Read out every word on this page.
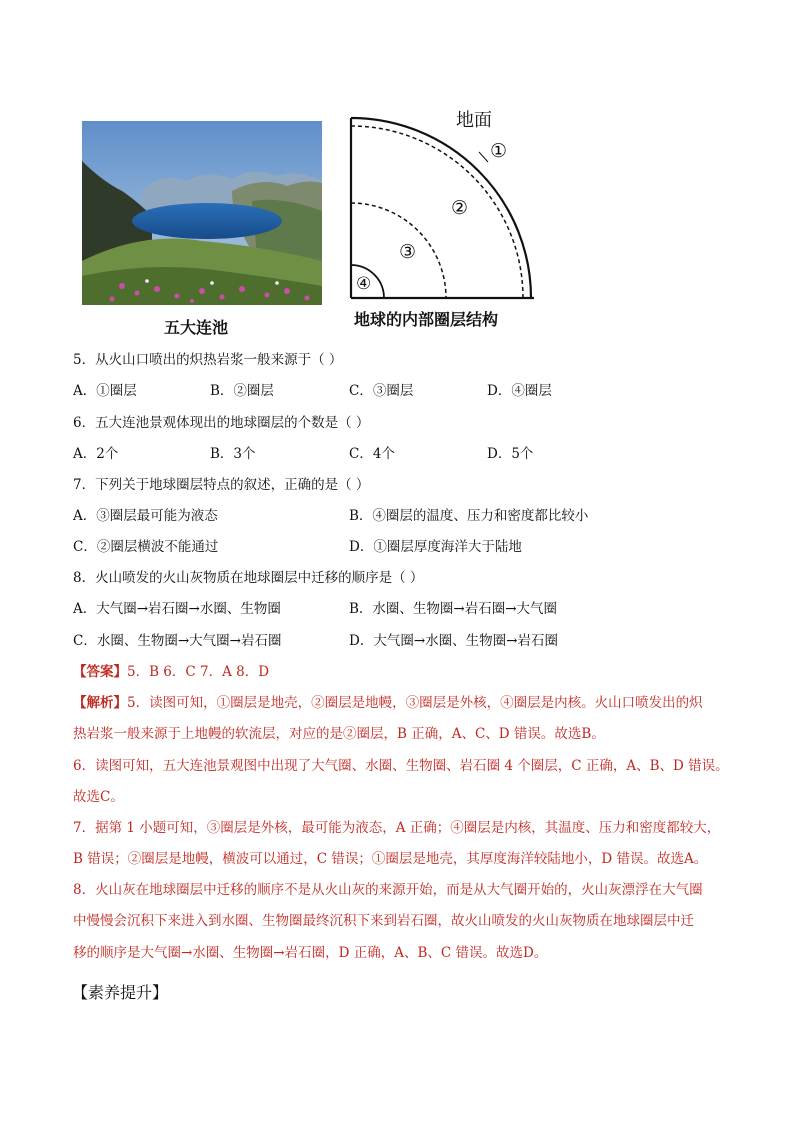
五大连池
地面
①
②
③
④
地球的内部圈层结构
5．从火山口喷出的炽热岩浆一般来源于（ ）
A．①圈层	B．②圈层	C．③圈层	D．④圈层
6．五大连池景观体现出的地球圈层的个数是（ ）
A．2个	B．3个	C．4个	D．5个
7．下列关于地球圈层特点的叙述，正确的是（ ）
A．③圈层最可能为液态	B．④圈层的温度、压力和密度都比较小
C．②圈层横波不能通过	D．①圈层厚度海洋大于陆地
8．火山喷发的火山灰物质在地球圈层中迁移的顺序是（ ）
A．大气圈→岩石圈→水圈、生物圈	B．水圈、生物圈→岩石圈→大气圈
C．水圈、生物圈→大气圈→岩石圈	D．大气圈→水圈、生物圈→岩石圈
【答案】5．B 6．C 7．A 8．D
【解析】5．读图可知，①圈层是地壳，②圈层是地幔，③圈层是外核，④圈层是内核。火山口喷发出的炽
热岩浆一般来源于上地幔的软流层，对应的是②圈层，B 正确，A、C、D 错误。故选B。
6．读图可知，五大连池景观图中出现了大气圈、水圈、生物圈、岩石圈 4 个圈层，C 正确，A、B、D 错误。
故选C。
7．据第 1 小题可知，③圈层是外核，最可能为液态，A 正确；④圈层是内核，其温度、压力和密度都较大，
B 错误；②圈层是地幔，横波可以通过，C 错误；①圈层是地壳，其厚度海洋较陆地小，D 错误。故选A。
8．火山灰在地球圈层中迁移的顺序不是从火山灰的来源开始，而是从大气圈开始的，火山灰漂浮在大气圈
中慢慢会沉积下来进入到水圈、生物圈最终沉积下来到岩石圈，故火山喷发的火山灰物质在地球圈层中迁
移的顺序是大气圈→水圈、生物圈→岩石圈，D 正确，A、B、C 错误。故选D。
【素养提升】
